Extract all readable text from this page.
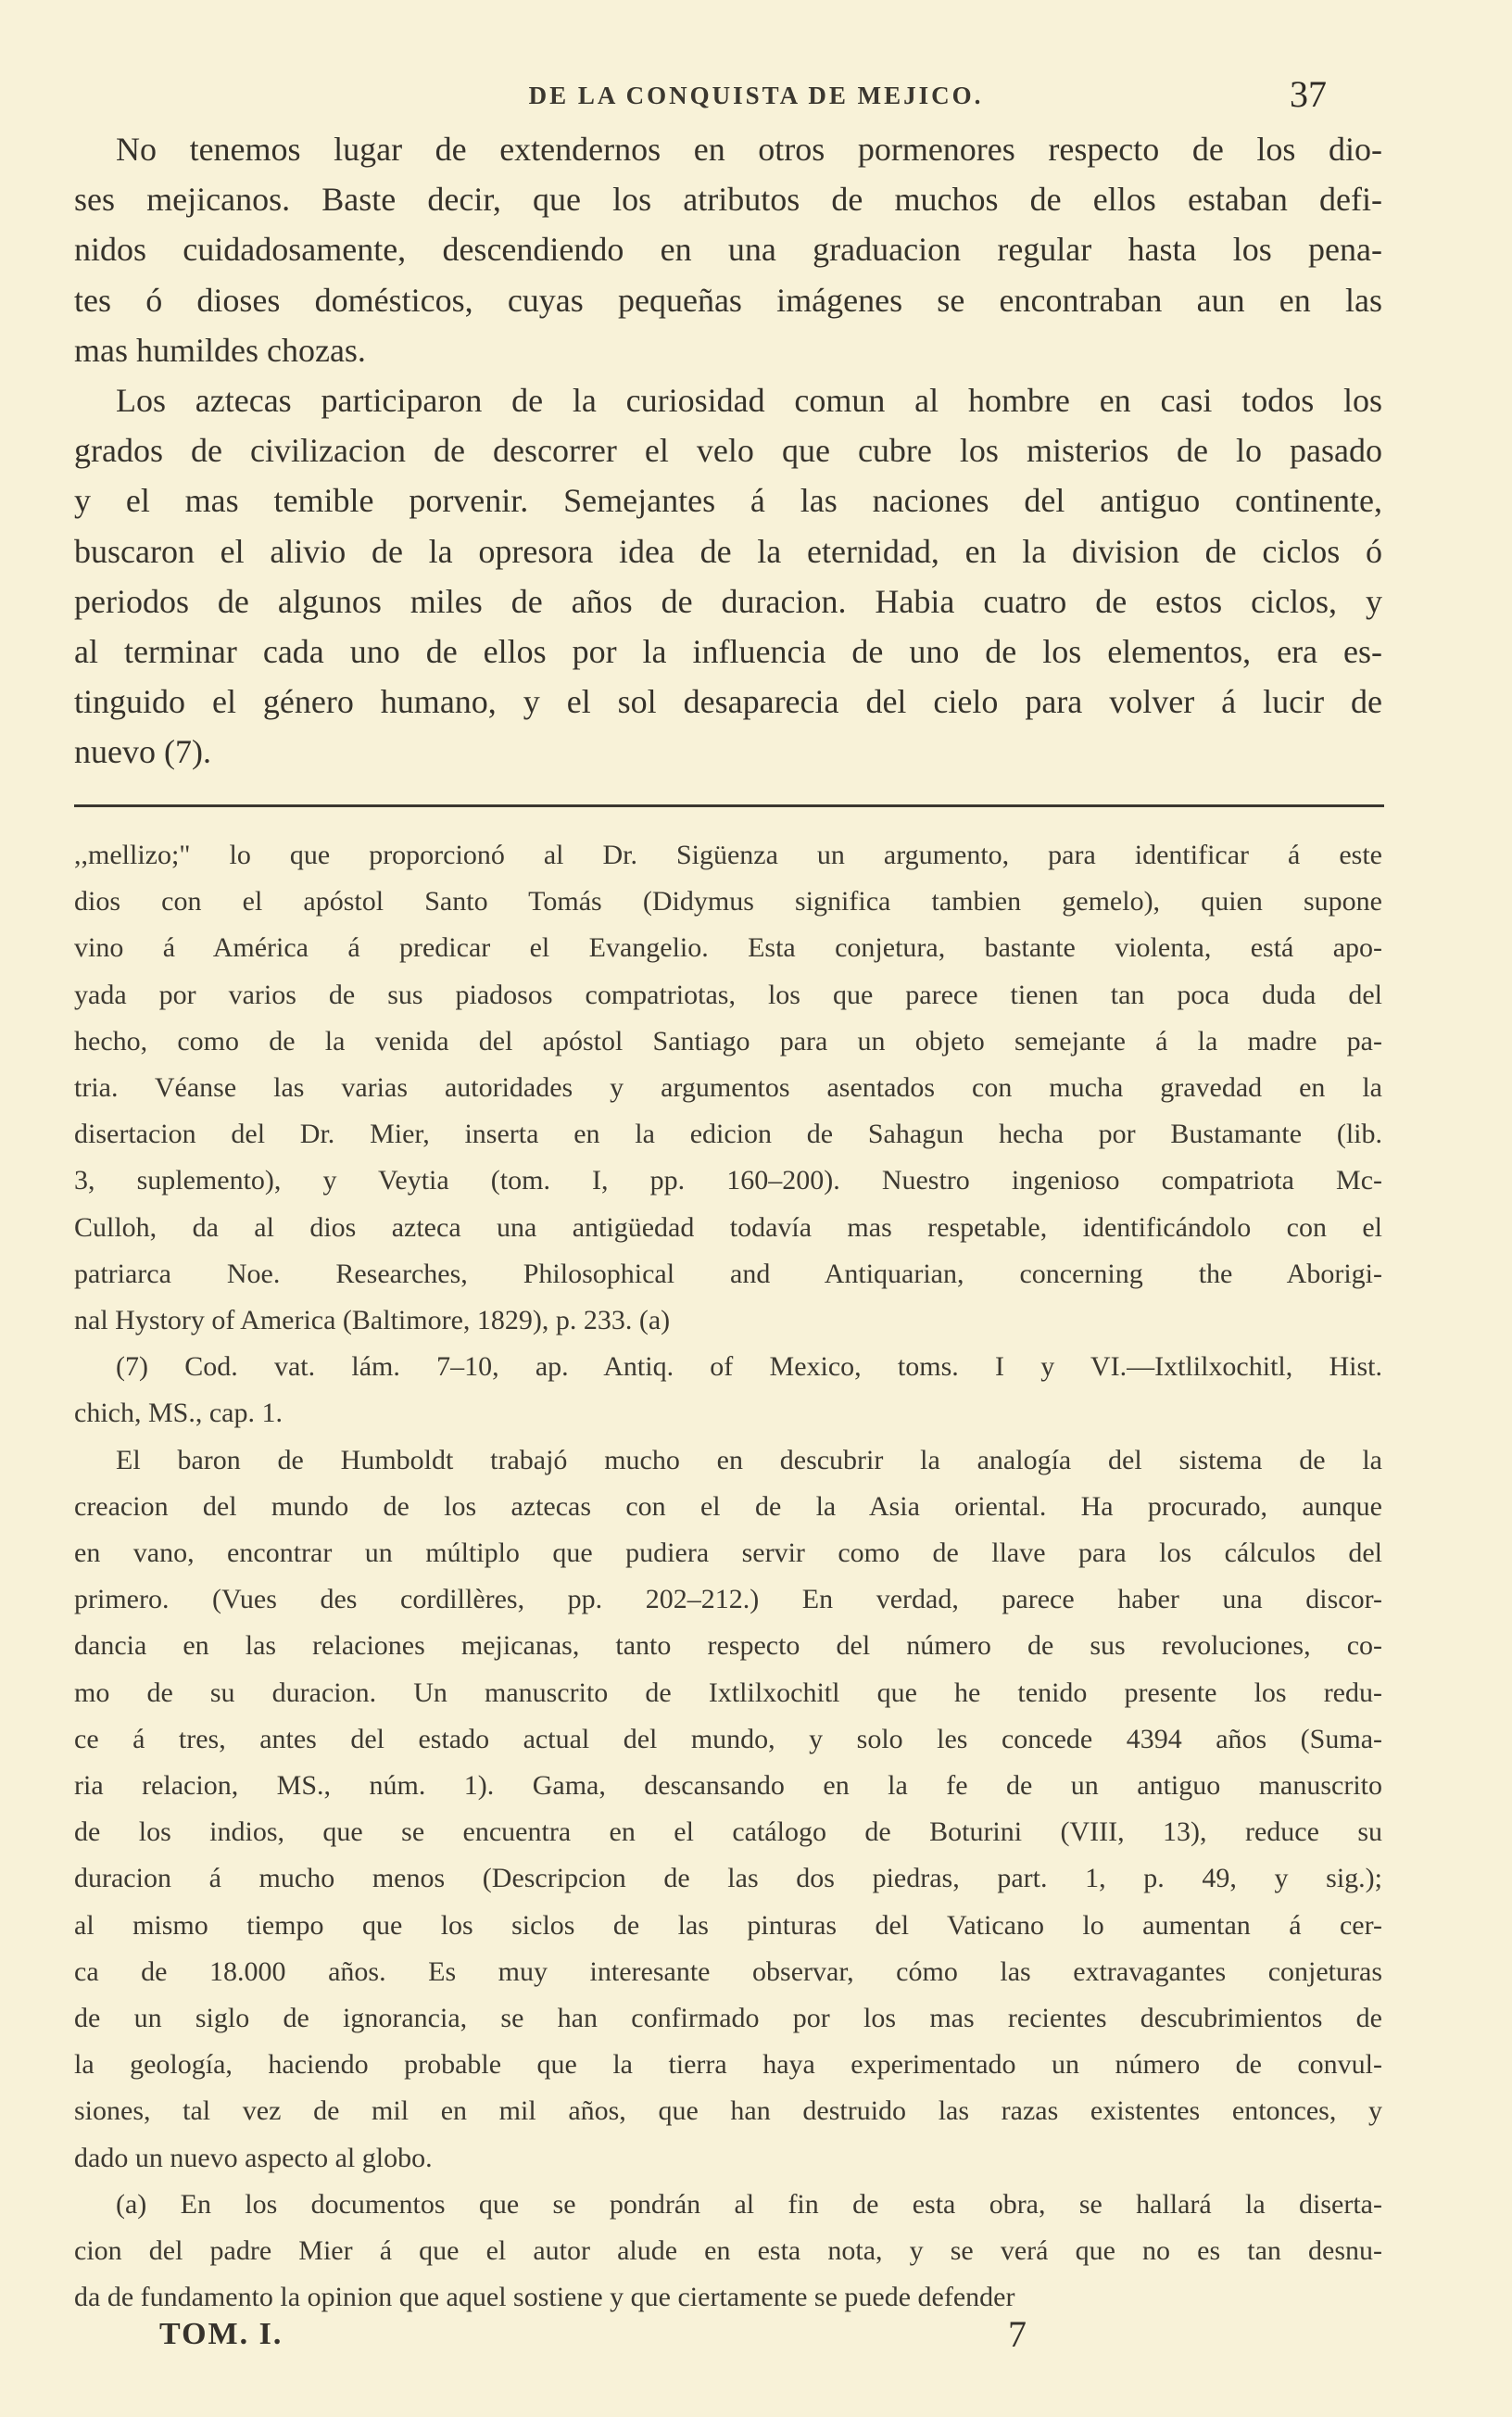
DE LA CONQUISTA DE MEJICO.	37
No tenemos lugar de extendernos en otros pormenores respecto de los dio-
ses mejicanos. Baste decir, que los atributos de muchos de ellos estaban defi-
nidos cuidadosamente, descendiendo en una graduacion regular hasta los pena-
tes ó dioses domésticos, cuyas pequeñas imágenes se encontraban aun en las
mas humildes chozas.
Los aztecas participaron de la curiosidad comun al hombre en casi todos los
grados de civilizacion de descorrer el velo que cubre los misterios de lo pasado
y el mas temible porvenir. Semejantes á las naciones del antiguo continente,
buscaron el alivio de la opresora idea de la eternidad, en la division de ciclos ó
periodos de algunos miles de años de duracion. Habia cuatro de estos ciclos, y
al terminar cada uno de ellos por la influencia de uno de los elementos, era es-
tinguido el género humano, y el sol desaparecia del cielo para volver á lucir de
nuevo (7).
,,mellizo;" lo que proporcionó al Dr. Sigüenza un argumento, para identificar á este
dios con el apóstol Santo Tomás (Didymus significa tambien gemelo), quien supone
vino á América á predicar el Evangelio. Esta conjetura, bastante violenta, está apo-
yada por varios de sus piadosos compatriotas, los que parece tienen tan poca duda del
hecho, como de la venida del apóstol Santiago para un objeto semejante á la madre pa-
tria. Véanse las varias autoridades y argumentos asentados con mucha gravedad en la
disertacion del Dr. Mier, inserta en la edicion de Sahagun hecha por Bustamante (lib.
3, suplemento), y Veytia (tom. I, pp. 160–200). Nuestro ingenioso compatriota Mc-
Culloh, da al dios azteca una antigüedad todavía mas respetable, identificándolo con el
patriarca Noe. Researches, Philosophical and Antiquarian, concerning the Aborigi-
nal Hystory of America (Baltimore, 1829), p. 233. (a)
(7) Cod. vat. lám. 7–10, ap. Antiq. of Mexico, toms. I y VI.—Ixtlilxochitl, Hist.
chich, MS., cap. 1.
El baron de Humboldt trabajó mucho en descubrir la analogía del sistema de la
creacion del mundo de los aztecas con el de la Asia oriental. Ha procurado, aunque
en vano, encontrar un múltiplo que pudiera servir como de llave para los cálculos del
primero. (Vues des cordillères, pp. 202–212.) En verdad, parece haber una discor-
dancia en las relaciones mejicanas, tanto respecto del número de sus revoluciones, co-
mo de su duracion. Un manuscrito de Ixtlilxochitl que he tenido presente los redu-
ce á tres, antes del estado actual del mundo, y solo les concede 4394 años (Suma-
ria relacion, MS., núm. 1). Gama, descansando en la fe de un antiguo manuscrito
de los indios, que se encuentra en el catálogo de Boturini (VIII, 13), reduce su
duracion á mucho menos (Descripcion de las dos piedras, part. 1, p. 49, y sig.);
al mismo tiempo que los siclos de las pinturas del Vaticano lo aumentan á cer-
ca de 18.000 años. Es muy interesante observar, cómo las extravagantes conjeturas
de un siglo de ignorancia, se han confirmado por los mas recientes descubrimientos de
la geología, haciendo probable que la tierra haya experimentado un número de convul-
siones, tal vez de mil en mil años, que han destruido las razas existentes entonces, y
dado un nuevo aspecto al globo.
(a) En los documentos que se pondrán al fin de esta obra, se hallará la diserta-
cion del padre Mier á que el autor alude en esta nota, y se verá que no es tan desnu-
da de fundamento la opinion que aquel sostiene y que ciertamente se puede defender
TOM. I.	7
